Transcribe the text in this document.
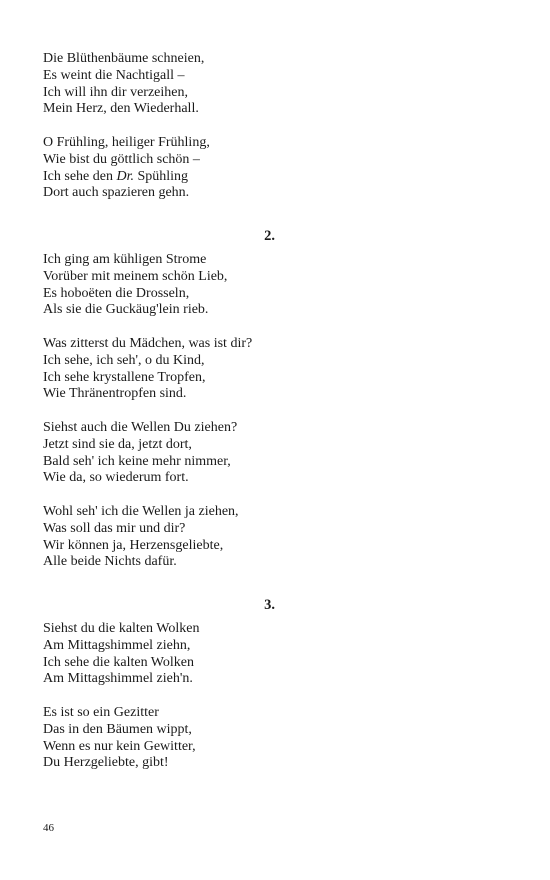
Die Blüthenbäume schneien,
Es weint die Nachtigall –
Ich will ihn dir verzeihen,
Mein Herz, den Wiederhall.
O Frühling, heiliger Frühling,
Wie bist du göttlich schön –
Ich sehe den Dr. Spühling
Dort auch spazieren gehn.
2.
Ich ging am kühligen Strome
Vorüber mit meinem schön Lieb,
Es hoboëten die Drosseln,
Als sie die Guckäug'lein rieb.
Was zitterst du Mädchen, was ist dir?
Ich sehe, ich seh', o du Kind,
Ich sehe krystallene Tropfen,
Wie Thränentropfen sind.
Siehst auch die Wellen Du ziehen?
Jetzt sind sie da, jetzt dort,
Bald seh' ich keine mehr nimmer,
Wie da, so wiederum fort.
Wohl seh' ich die Wellen ja ziehen,
Was soll das mir und dir?
Wir können ja, Herzensgeliebte,
Alle beide Nichts dafür.
3.
Siehst du die kalten Wolken
Am Mittagshimmel ziehn,
Ich sehe die kalten Wolken
Am Mittagshimmel zieh'n.
Es ist so ein Gezitter
Das in den Bäumen wippt,
Wenn es nur kein Gewitter,
Du Herzgeliebte, gibt!
46
